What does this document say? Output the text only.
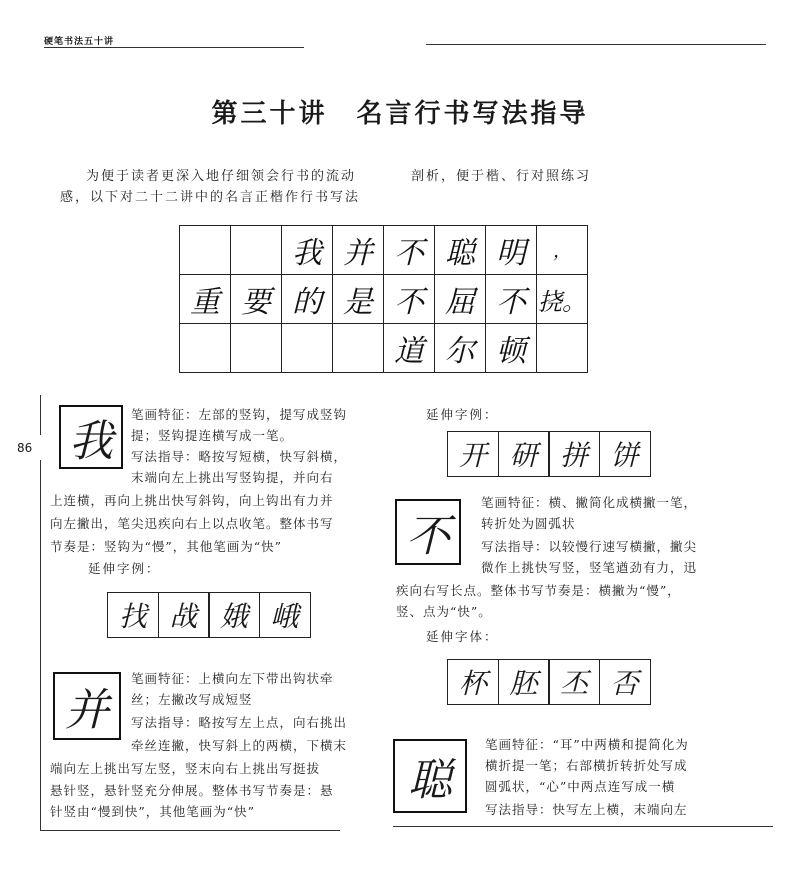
硬笔书法五十讲
第三十讲　名言行书写法指导
为便于读者更深入地仔细领会行书的流动
感，以下对二十二讲中的名言正楷作行书写法
剖析，便于楷、行对照练习
		我	并	不	聪	明	，
重	要	的	是	不	屈	不	挠。
				道	尔	顿	
86 我
笔画特征：左部的竖钩，提写成竖钩
提；竖钩提连横写成一笔。
写法指导：略按写短横，快写斜横，
末端向左上挑出写竖钩提，并向右
上连横，再向上挑出快写斜钩，向上钩出有力并
向左撇出，笔尖迅疾向右上以点收笔。整体书写
节奏是：竖钩为“慢”，其他笔画为“快”
延伸字例：
找 战 娥 峨
并
笔画特征：上横向左下带出钩状牵
丝；左撇改写成短竖
写法指导：略按写左上点，向右挑出
牵丝连撇，快写斜上的两横，下横末
端向左上挑出写左竖，竖末向右上挑出写挺拔
悬针竖，悬针竖充分伸展。整体书写节奏是：悬
针竖由“慢到快”，其他笔画为“快”
延伸字例：
开 研 拼 饼
不
笔画特征：横、撇简化成横撇一笔，
转折处为圆弧状
写法指导：以较慢行速写横撇，撇尖
微作上挑快写竖，竖笔遒劲有力，迅
疾向右写长点。整体书写节奏是：横撇为“慢”，
竖、点为“快”。
延伸字体：
杯 胚 丕 否
聪
笔画特征：“耳”中两横和提简化为
横折提一笔；右部横折转折处写成
圆弧状，“心”中两点连写成一横
写法指导：快写左上横，末端向左
